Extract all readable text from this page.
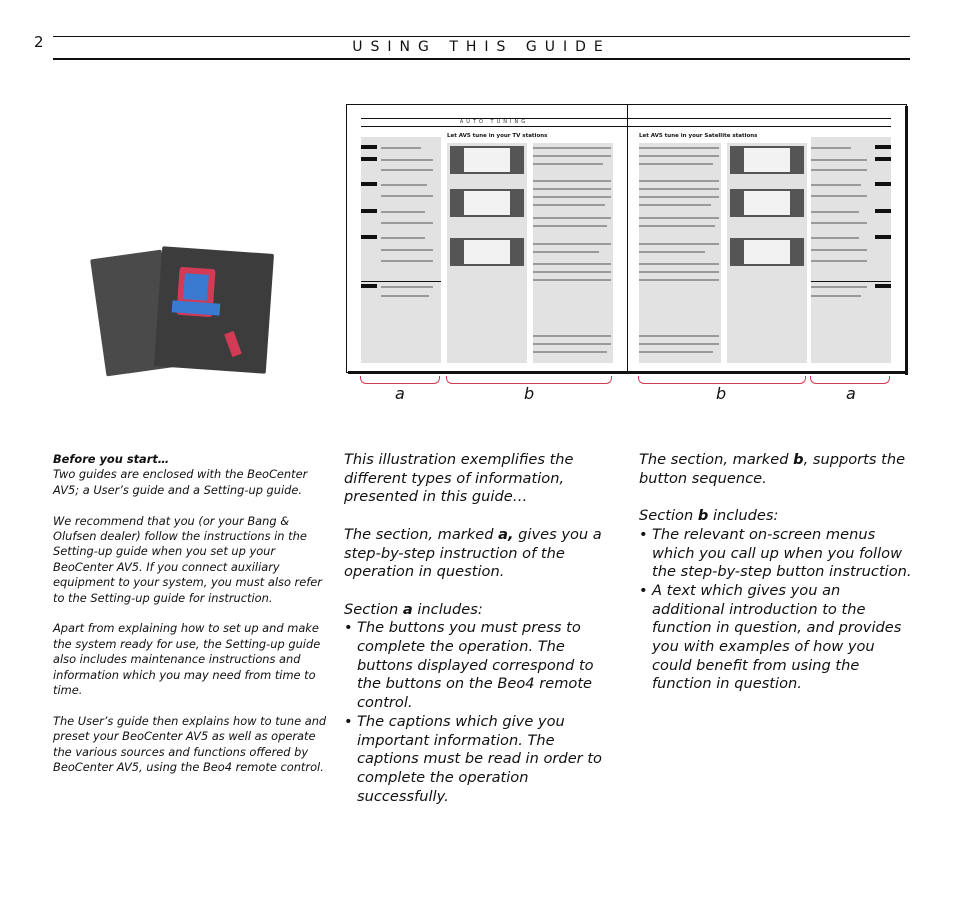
2	USING THIS GUIDE
AUTO TUNING
Let AV5 tune in your TV stations	Let AV5 tune in your Satellite stations
a	b	b	a

Before you start…
Two guides are enclosed with the BeoCenter AV5; a User’s guide and a Setting-up guide.

We recommend that you (or your Bang & Olufsen dealer) follow the instructions in the Setting-up guide when you set up your BeoCenter AV5. If you connect auxiliary equipment to your system, you must also refer to the Setting-up guide for instruction.

Apart from explaining how to set up and make the system ready for use, the Setting-up guide also includes maintenance instructions and information which you may need from time to time.

The User’s guide then explains how to tune and preset your BeoCenter AV5 as well as operate the various sources and functions offered by BeoCenter AV5, using the Beo4 remote control.

This illustration exemplifies the different types of information, presented in this guide…

The section, marked a, gives you a step-by-step instruction of the operation in question.

Section a includes:

• The buttons you must press to complete the operation. The buttons displayed correspond to the buttons on the Beo4 remote control.
• The captions which give you important information. The captions must be read in order to complete the operation successfully.

The section, marked b, supports the button sequence.

Section b includes:

• The relevant on-screen menus which you call up when you follow the step-by-step button instruction.
• A text which gives you an additional introduction to the function in question, and provides you with examples of how you could benefit from using the function in question.
